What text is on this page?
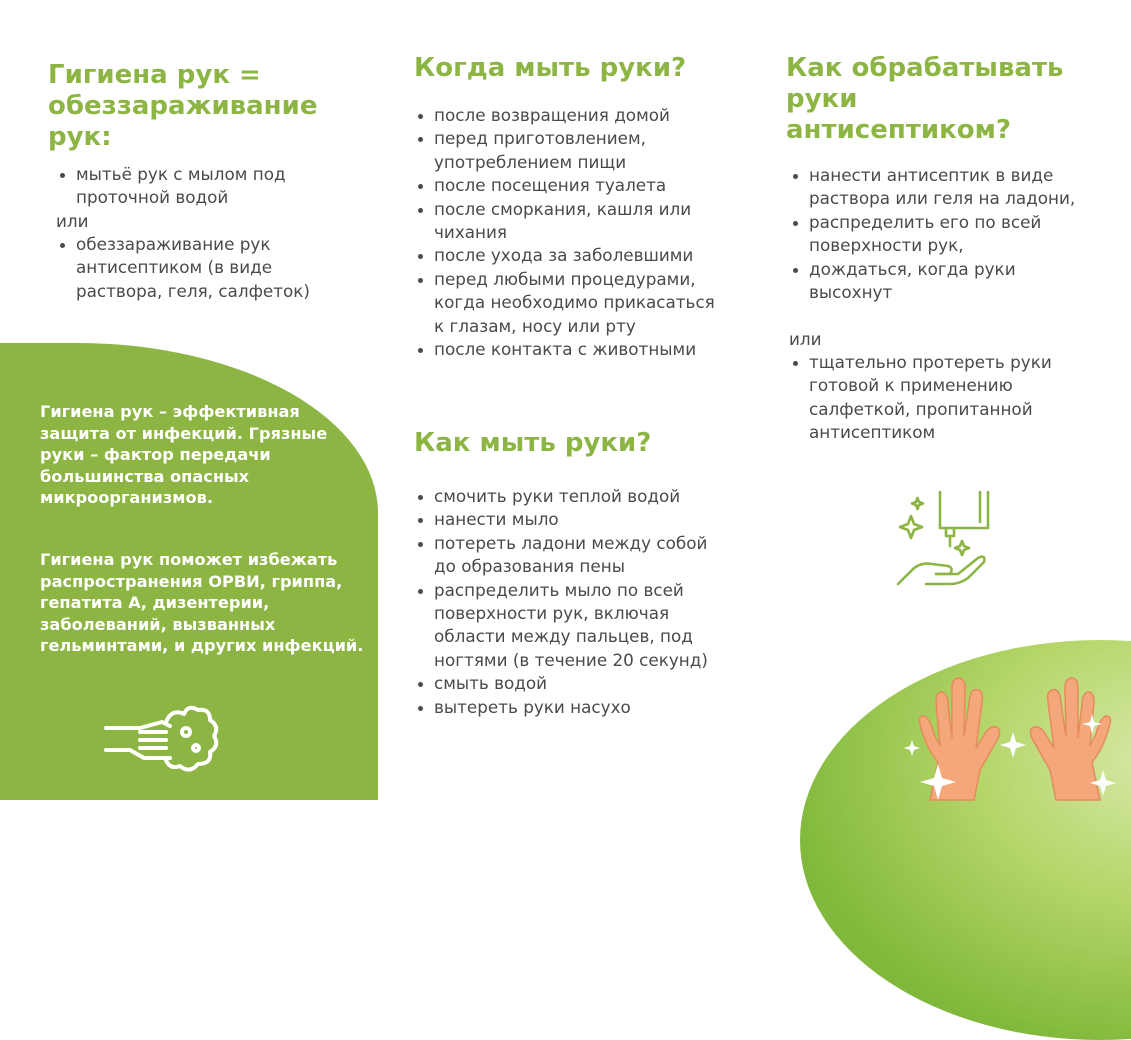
Гигиена рук = обеззараживание рук:
мытьё рук с мылом под проточной водой
или
обеззараживание рук антисептиком (в виде раствора, геля, салфеток)

Гигиена рук – эффективная защита от инфекций. Грязные руки – фактор передачи большинства опасных микроорганизмов.

Гигиена рук поможет избежать распространения ОРВИ, гриппа, гепатита А, дизентерии, заболеваний, вызванных гельминтами, и других инфекций.

Когда мыть руки?
после возвращения домой
перед приготовлением, употреблением пищи
после посещения туалета
после сморкания, кашля или чихания
после ухода за заболевшими
перед любыми процедурами, когда необходимо прикасаться к глазам, носу или рту
после контакта с животными
Как мыть руки?
смочить руки теплой водой
нанести мыло
потереть ладони между собой до образования пены
распределить мыло по всей поверхности рук, включая области между пальцев, под ногтями (в течение 20 секунд)
смыть водой
вытереть руки насухо
Как обрабатывать руки антисептиком?
нанести антисептик в виде раствора или геля на ладони,
распределить его по всей поверхности рук,
дождаться, когда руки высохнут
или
тщательно протереть руки готовой к применению салфеткой, пропитанной антисептиком
